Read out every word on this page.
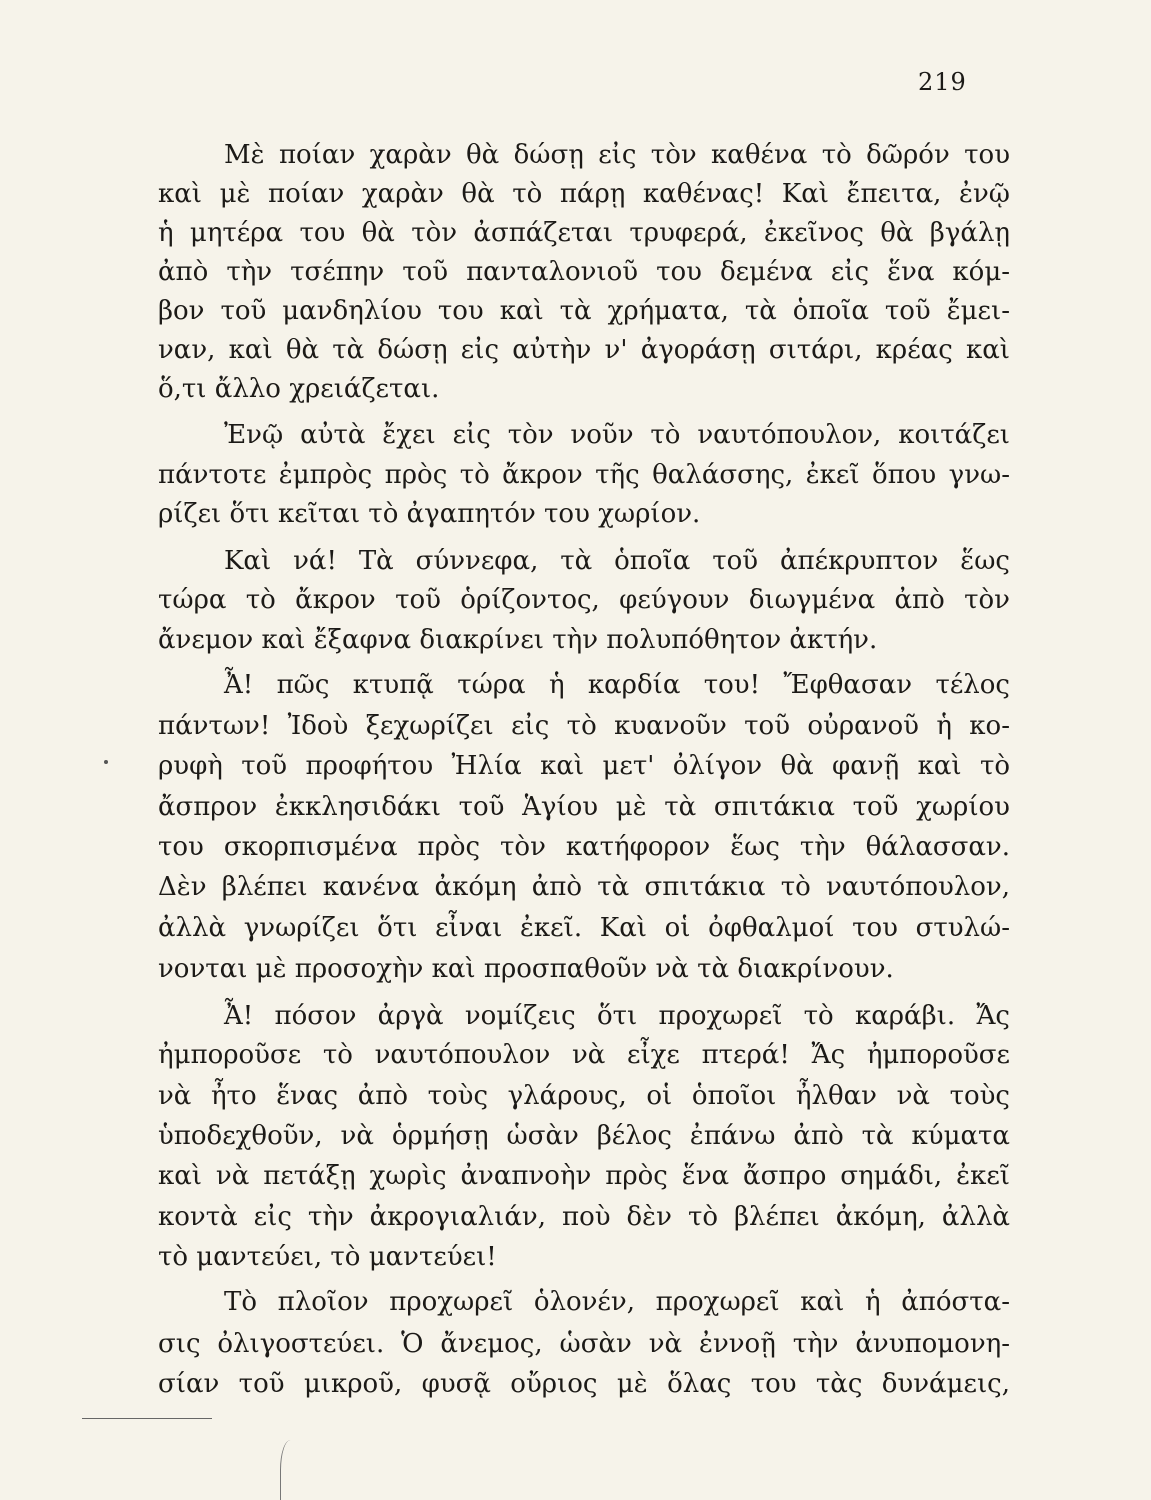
219
Μὲ ποίαν χαρὰν θὰ δώσῃ εἰς τὸν καθένα τὸ δῶρόν του
καὶ μὲ ποίαν χαρὰν θὰ τὸ πάρῃ καθένας! Καὶ ἔπειτα, ἐνῷ
ἡ μητέρα του θὰ τὸν ἀσπάζεται τρυφερά, ἐκεῖνος θὰ βγάλῃ
ἀπὸ τὴν τσέπην τοῦ πανταλονιοῦ του δεμένα εἰς ἕνα κόμ-
βον τοῦ μανδηλίου του καὶ τὰ χρήματα, τὰ ὁποῖα τοῦ ἔμει-
ναν, καὶ θὰ τὰ δώσῃ εἰς αὐτὴν ν' ἀγοράσῃ σιτάρι, κρέας καὶ
ὅ,τι ἄλλο χρειάζεται.
Ἐνῷ αὐτὰ ἔχει εἰς τὸν νοῦν τὸ ναυτόπουλον, κοιτάζει
πάντοτε ἐμπρὸς πρὸς τὸ ἄκρον τῆς θαλάσσης, ἐκεῖ ὅπου γνω-
ρίζει ὅτι κεῖται τὸ ἀγαπητόν του χωρίον.
Καὶ νά! Τὰ σύννεφα, τὰ ὁποῖα τοῦ ἀπέκρυπτον ἕως
τώρα τὸ ἄκρον τοῦ ὁρίζοντος, φεύγουν διωγμένα ἀπὸ τὸν
ἄνεμον καὶ ἔξαφνα διακρίνει τὴν πολυπόθητον ἀκτήν.
Ἆ! πῶς κτυπᾷ τώρα ἡ καρδία του! Ἔφθασαν τέλος
πάντων! Ἰδοὺ ξεχωρίζει εἰς τὸ κυανοῦν τοῦ οὐρανοῦ ἡ κο-
ρυφὴ τοῦ προφήτου Ἠλία καὶ μετ' ὀλίγον θὰ φανῇ καὶ τὸ
ἄσπρον ἐκκλησιδάκι τοῦ Ἁγίου μὲ τὰ σπιτάκια τοῦ χωρίου
του σκορπισμένα πρὸς τὸν κατήφορον ἕως τὴν θάλασσαν.
Δὲν βλέπει κανένα ἀκόμη ἀπὸ τὰ σπιτάκια τὸ ναυτόπουλον,
ἀλλὰ γνωρίζει ὅτι εἶναι ἐκεῖ. Καὶ οἱ ὀφθαλμοί του στυλώ-
νονται μὲ προσοχὴν καὶ προσπαθοῦν νὰ τὰ διακρίνουν.
Ἆ! πόσον ἀργὰ νομίζεις ὅτι προχωρεῖ τὸ καράβι. Ἄς
ἠμποροῦσε τὸ ναυτόπουλον νὰ εἶχε πτερά! Ἄς ἠμποροῦσε
νὰ ἦτο ἕνας ἀπὸ τοὺς γλάρους, οἱ ὁποῖοι ἦλθαν νὰ τοὺς
ὑποδεχθοῦν, νὰ ὁρμήσῃ ὡσὰν βέλος ἐπάνω ἀπὸ τὰ κύματα
καὶ νὰ πετάξῃ χωρὶς ἀναπνοὴν πρὸς ἕνα ἄσπρο σημάδι, ἐκεῖ
κοντὰ εἰς τὴν ἀκρογιαλιάν, ποὺ δὲν τὸ βλέπει ἀκόμη, ἀλλὰ
τὸ μαντεύει, τὸ μαντεύει!
Τὸ πλοῖον προχωρεῖ ὁλονέν, προχωρεῖ καὶ ἡ ἀπόστα-
σις ὀλιγοστεύει. Ὁ ἄνεμος, ὡσὰν νὰ ἐννοῇ τὴν ἀνυπομονη-
σίαν τοῦ μικροῦ, φυσᾷ οὔριος μὲ ὅλας του τὰς δυνάμεις,
